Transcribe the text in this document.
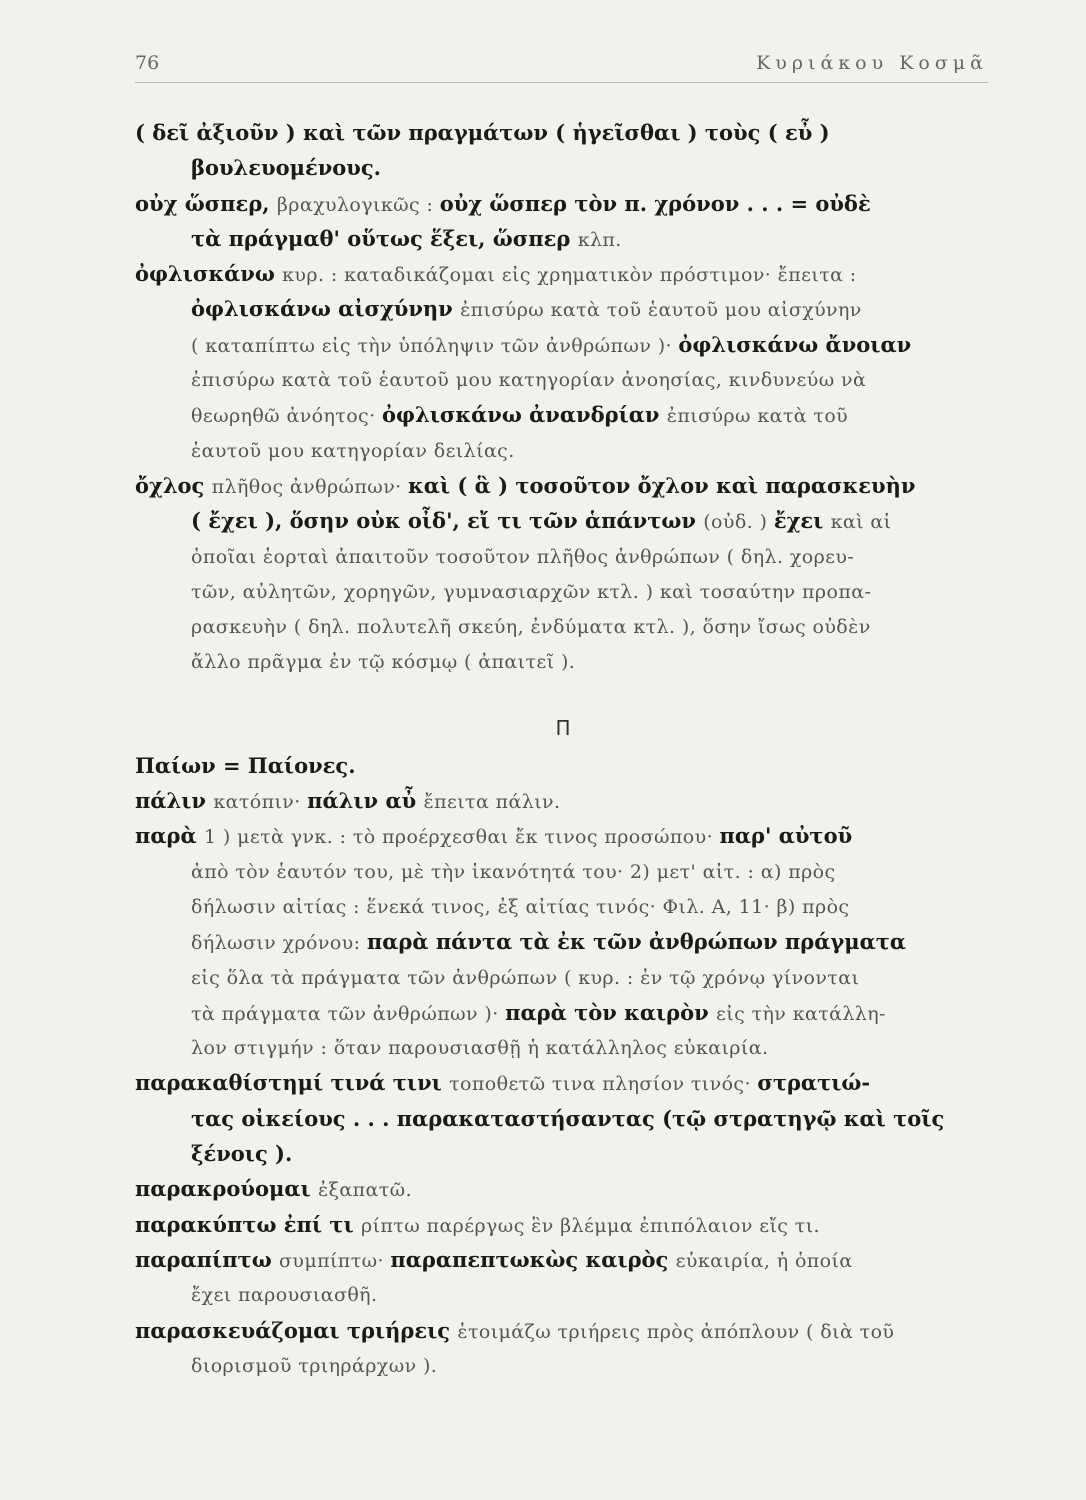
76	Κυριάκου Κοσμᾶ
( δεῖ ἀξιοῦν ) καὶ τῶν πραγμάτων ( ἡγεῖσθαι ) τοὺς ( εὖ )
βουλευομένους.
οὐχ ὥσπερ, βραχυλογικῶς : οὐχ ὥσπερ τὸν π. χρόνον . . . = οὐδὲ
τὰ πράγμαθ' οὕτως ἕξει, ὥσπερ κλπ.
ὀφλισκάνω κυρ. : καταδικάζομαι εἰς χρηματικὸν πρόστιμον· ἔπειτα :
ὀφλισκάνω αἰσχύνην ἐπισύρω κατὰ τοῦ ἑαυτοῦ μου αἰσχύνην
( καταπίπτω εἰς τὴν ὑπόληψιν τῶν ἀνθρώπων )· ὀφλισκάνω ἄνοιαν
ἐπισύρω κατὰ τοῦ ἑαυτοῦ μου κατηγορίαν ἀνοησίας, κινδυνεύω νὰ
θεωρηθῶ ἀνόητος· ὀφλισκάνω ἀνανδρίαν ἐπισύρω κατὰ τοῦ
ἑαυτοῦ μου κατηγορίαν δειλίας.
ὄχλος πλῆθος ἀνθρώπων· καὶ ( ἃ ) τοσοῦτον ὄχλον καὶ παρασκευὴν
( ἔχει ), ὅσην οὐκ οἶδ', εἴ τι τῶν ἁπάντων (οὐδ. ) ἔχει καὶ αἱ
ὁποῖαι ἑορταὶ ἀπαιτοῦν τοσοῦτον πλῆθος ἀνθρώπων ( δηλ. χορευ-
τῶν, αὐλητῶν, χορηγῶν, γυμνασιαρχῶν κτλ. ) καὶ τοσαύτην προπα-
ρασκευὴν ( δηλ. πολυτελῆ σκεύη, ἐνδύματα κτλ. ), ὅσην ἴσως οὐδὲν
ἄλλο πρᾶγμα ἐν τῷ κόσμῳ ( ἀπαιτεῖ ).
Π
Παίων = Παίονες.
πάλιν κατόπιν· πάλιν αὖ ἔπειτα πάλιν.
παρὰ 1 ) μετὰ γνκ. : τὸ προέρχεσθαι ἔκ τινος προσώπου· παρ' αὐτοῦ
ἀπὸ τὸν ἑαυτόν του, μὲ τὴν ἱκανότητά του· 2) μετ' αἰτ. : α) πρὸς
δήλωσιν αἰτίας : ἕνεκά τινος, ἐξ αἰτίας τινός· Φιλ. Α, 11· β) πρὸς
δήλωσιν χρόνου: παρὰ πάντα τὰ ἐκ τῶν ἀνθρώπων πράγματα
εἰς ὅλα τὰ πράγματα τῶν ἀνθρώπων ( κυρ. : ἐν τῷ χρόνῳ γίνονται
τὰ πράγματα τῶν ἀνθρώπων )· παρὰ τὸν καιρὸν εἰς τὴν κατάλλη-
λον στιγμήν : ὅταν παρουσιασθῇ ἡ κατάλληλος εὐκαιρία.
παρακαθίστημί τινά τινι τοποθετῶ τινα πλησίον τινός· στρατιώ-
τας οἰκείους . . . παρακαταστήσαντας (τῷ στρατηγῷ καὶ τοῖς
ξένοις ).
παρακρούομαι ἐξαπατῶ.
παρακύπτω ἐπί τι ρίπτω παρέργως ἓν βλέμμα ἐπιπόλαιον εἴς τι.
παραπίπτω συμπίπτω· παραπεπτωκὼς καιρὸς εὐκαιρία, ἡ ὁποία
ἔχει παρουσιασθῆ.
παρασκευάζομαι τριήρεις ἑτοιμάζω τριήρεις πρὸς ἀπόπλουν ( διὰ τοῦ
διορισμοῦ τριηράρχων ).
